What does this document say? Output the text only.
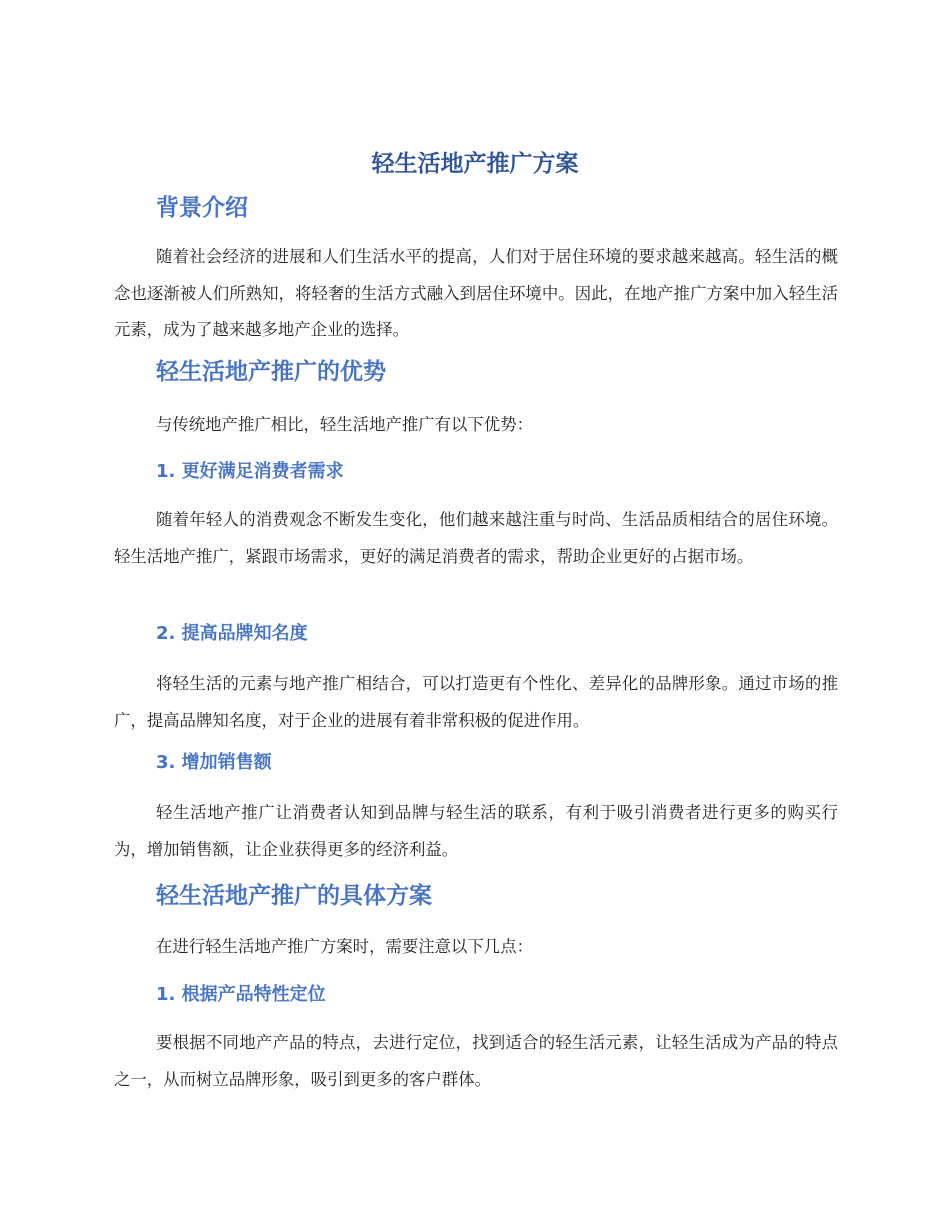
轻生活地产推广方案
背景介绍

随着社会经济的进展和人们生活水平的提高，人们对于居住环境的要求越来越高。轻生活的概念也逐渐被人们所熟知，将轻奢的生活方式融入到居住环境中。因此，在地产推广方案中加入轻生活元素，成为了越来越多地产企业的选择。

轻生活地产推广的优势

与传统地产推广相比，轻生活地产推广有以下优势：

1. 更好满足消费者需求

随着年轻人的消费观念不断发生变化，他们越来越注重与时尚、生活品质相结合的居住环境。轻生活地产推广，紧跟市场需求，更好的满足消费者的需求，帮助企业更好的占据市场。

2. 提高品牌知名度

将轻生活的元素与地产推广相结合，可以打造更有个性化、差异化的品牌形象。通过市场的推广，提高品牌知名度，对于企业的进展有着非常积极的促进作用。

3. 增加销售额

轻生活地产推广让消费者认知到品牌与轻生活的联系，有利于吸引消费者进行更多的购买行为，增加销售额，让企业获得更多的经济利益。

轻生活地产推广的具体方案

在进行轻生活地产推广方案时，需要注意以下几点：

1. 根据产品特性定位

要根据不同地产产品的特点，去进行定位，找到适合的轻生活元素，让轻生活成为产品的特点之一，从而树立品牌形象，吸引到更多的客户群体。
